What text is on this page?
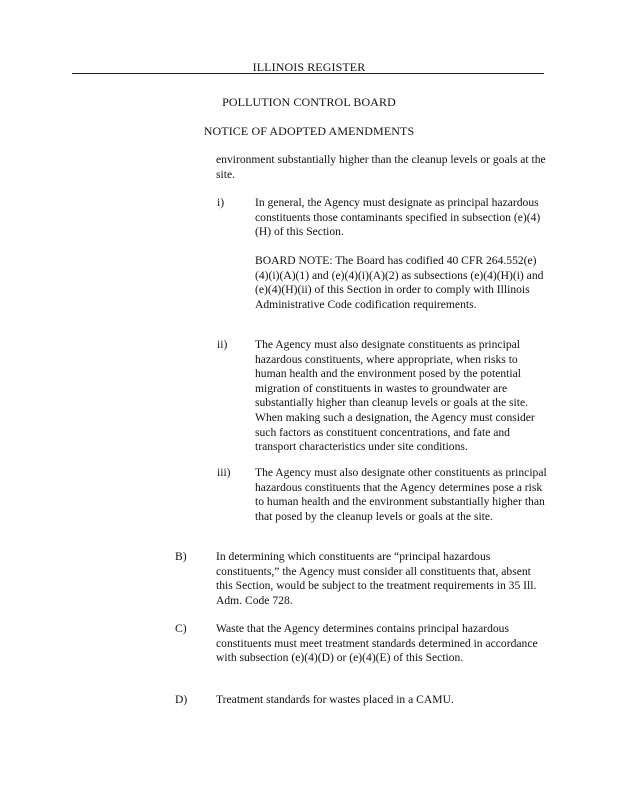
ILLINOIS REGISTER
POLLUTION CONTROL BOARD
NOTICE OF ADOPTED AMENDMENTS
environment substantially higher than the cleanup levels or goals at the site.
i)	In general, the Agency must designate as principal hazardous constituents those contaminants specified in subsection (e)(4)(H) of this Section.
BOARD NOTE: The Board has codified 40 CFR 264.552(e)(4)(i)(A)(1) and (e)(4)(i)(A)(2) as subsections (e)(4)(H)(i) and (e)(4)(H)(ii) of this Section in order to comply with Illinois Administrative Code codification requirements.
ii) The Agency must also designate constituents as principal hazardous constituents, where appropriate, when risks to human health and the environment posed by the potential migration of constituents in wastes to groundwater are substantially higher than cleanup levels or goals at the site. When making such a designation, the Agency must consider such factors as constituent concentrations, and fate and transport characteristics under site conditions.
iii) The Agency must also designate other constituents as principal hazardous constituents that the Agency determines pose a risk to human health and the environment substantially higher than that posed by the cleanup levels or goals at the site.
B)	In determining which constituents are “principal hazardous constituents,” the Agency must consider all constituents that, absent this Section, would be subject to the treatment requirements in 35 Ill. Adm. Code 728.
C)	Waste that the Agency determines contains principal hazardous constituents must meet treatment standards determined in accordance with subsection (e)(4)(D) or (e)(4)(E) of this Section.
D) Treatment standards for wastes placed in a CAMU.
